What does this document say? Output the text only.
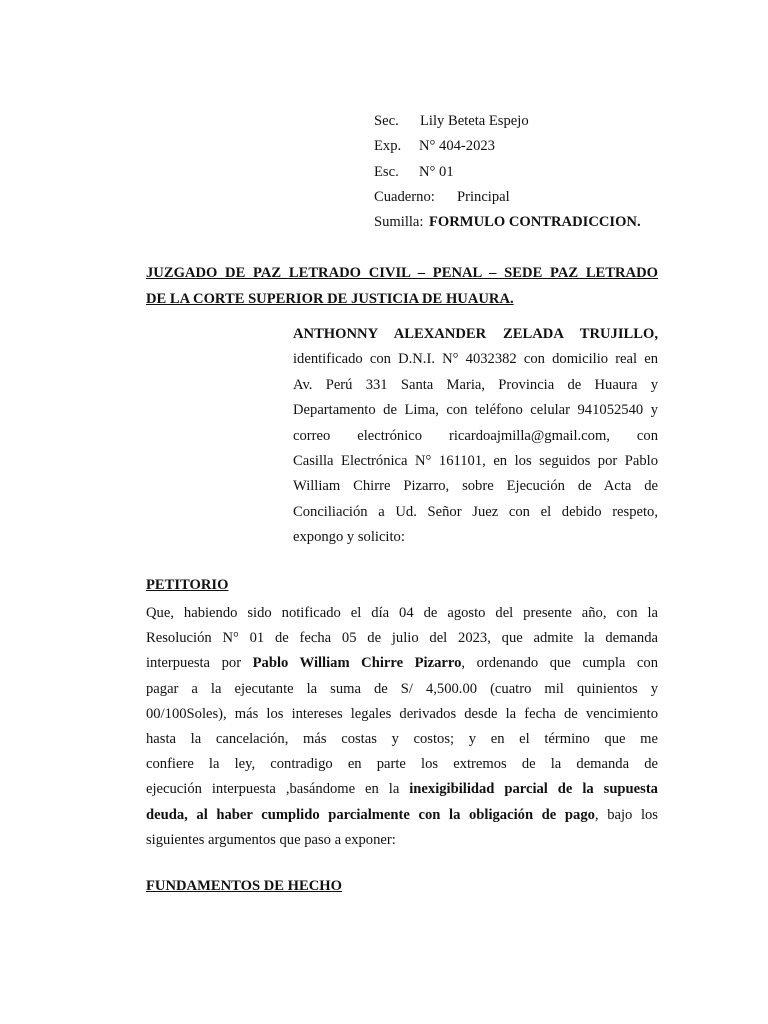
Sec. Lily Beteta Espejo
Exp. N° 404-2023
Esc. N° 01
Cuaderno: Principal
Sumilla: FORMULO CONTRADICCION.
JUZGADO DE PAZ LETRADO CIVIL – PENAL – SEDE PAZ LETRADO
DE LA CORTE SUPERIOR DE JUSTICIA DE HUAURA.
ANTHONNY ALEXANDER ZELADA TRUJILLO,
identificado con D.N.I. N° 4032382 con domicilio real en
Av. Perú 331 Santa Maria, Provincia de Huaura y
Departamento de Lima, con teléfono celular 941052540 y
correo electrónico ricardoajmilla@gmail.com, con
Casilla Electrónica N° 161101, en los seguidos por Pablo
William Chirre Pizarro, sobre Ejecución de Acta de
Conciliación a Ud. Señor Juez con el debido respeto,
expongo y solicito:
PETITORIO
Que, habiendo sido notificado el día 04 de agosto del presente año, con la
Resolución N° 01 de fecha 05 de julio del 2023, que admite la demanda
interpuesta por Pablo William Chirre Pizarro, ordenando que cumpla con
pagar a la ejecutante la suma de S/ 4,500.00 (cuatro mil quinientos y
00/100Soles), más los intereses legales derivados desde la fecha de vencimiento
hasta la cancelación, más costas y costos; y en el término que me
confiere la ley, contradigo en parte los extremos de la demanda de
ejecución interpuesta ,basándome en la inexigibilidad parcial de la supuesta
deuda, al haber cumplido parcialmente con la obligación de pago, bajo los
siguientes argumentos que paso a exponer:
FUNDAMENTOS DE HECHO
